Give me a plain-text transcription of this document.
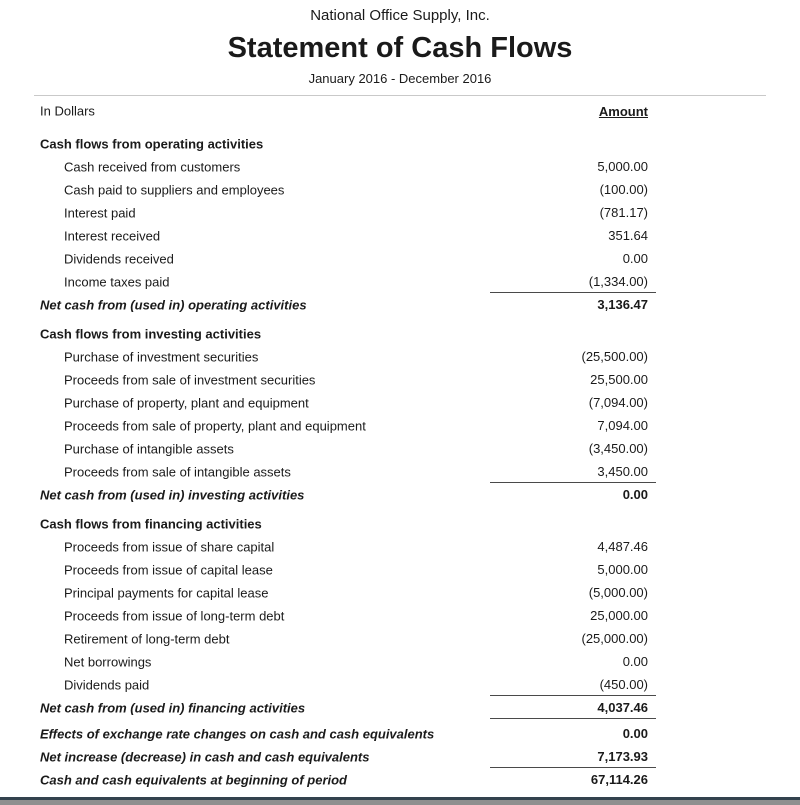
National Office Supply, Inc.
Statement of Cash Flows
January 2016 - December 2016
In Dollars	Amount
Cash flows from operating activities
Cash received from customers	5,000.00
Cash paid to suppliers and employees	(100.00)
Interest paid	(781.17)
Interest received	351.64
Dividends received	0.00
Income taxes paid	(1,334.00)
Net cash from (used in) operating activities	3,136.47
Cash flows from investing activities
Purchase of investment securities	(25,500.00)
Proceeds from sale of investment securities	25,500.00
Purchase of property, plant and equipment	(7,094.00)
Proceeds from sale of property, plant and equipment	7,094.00
Purchase of intangible assets	(3,450.00)
Proceeds from sale of intangible assets	3,450.00
Net cash from (used in) investing activities	0.00
Cash flows from financing activities
Proceeds from issue of share capital	4,487.46
Proceeds from issue of capital lease	5,000.00
Principal payments for capital lease	(5,000.00)
Proceeds from issue of long-term debt	25,000.00
Retirement of long-term debt	(25,000.00)
Net borrowings	0.00
Dividends paid	(450.00)
Net cash from (used in) financing activities	4,037.46
Effects of exchange rate changes on cash and cash equivalents	0.00
Net increase (decrease) in cash and cash equivalents	7,173.93
Cash and cash equivalents at beginning of period	67,114.26
